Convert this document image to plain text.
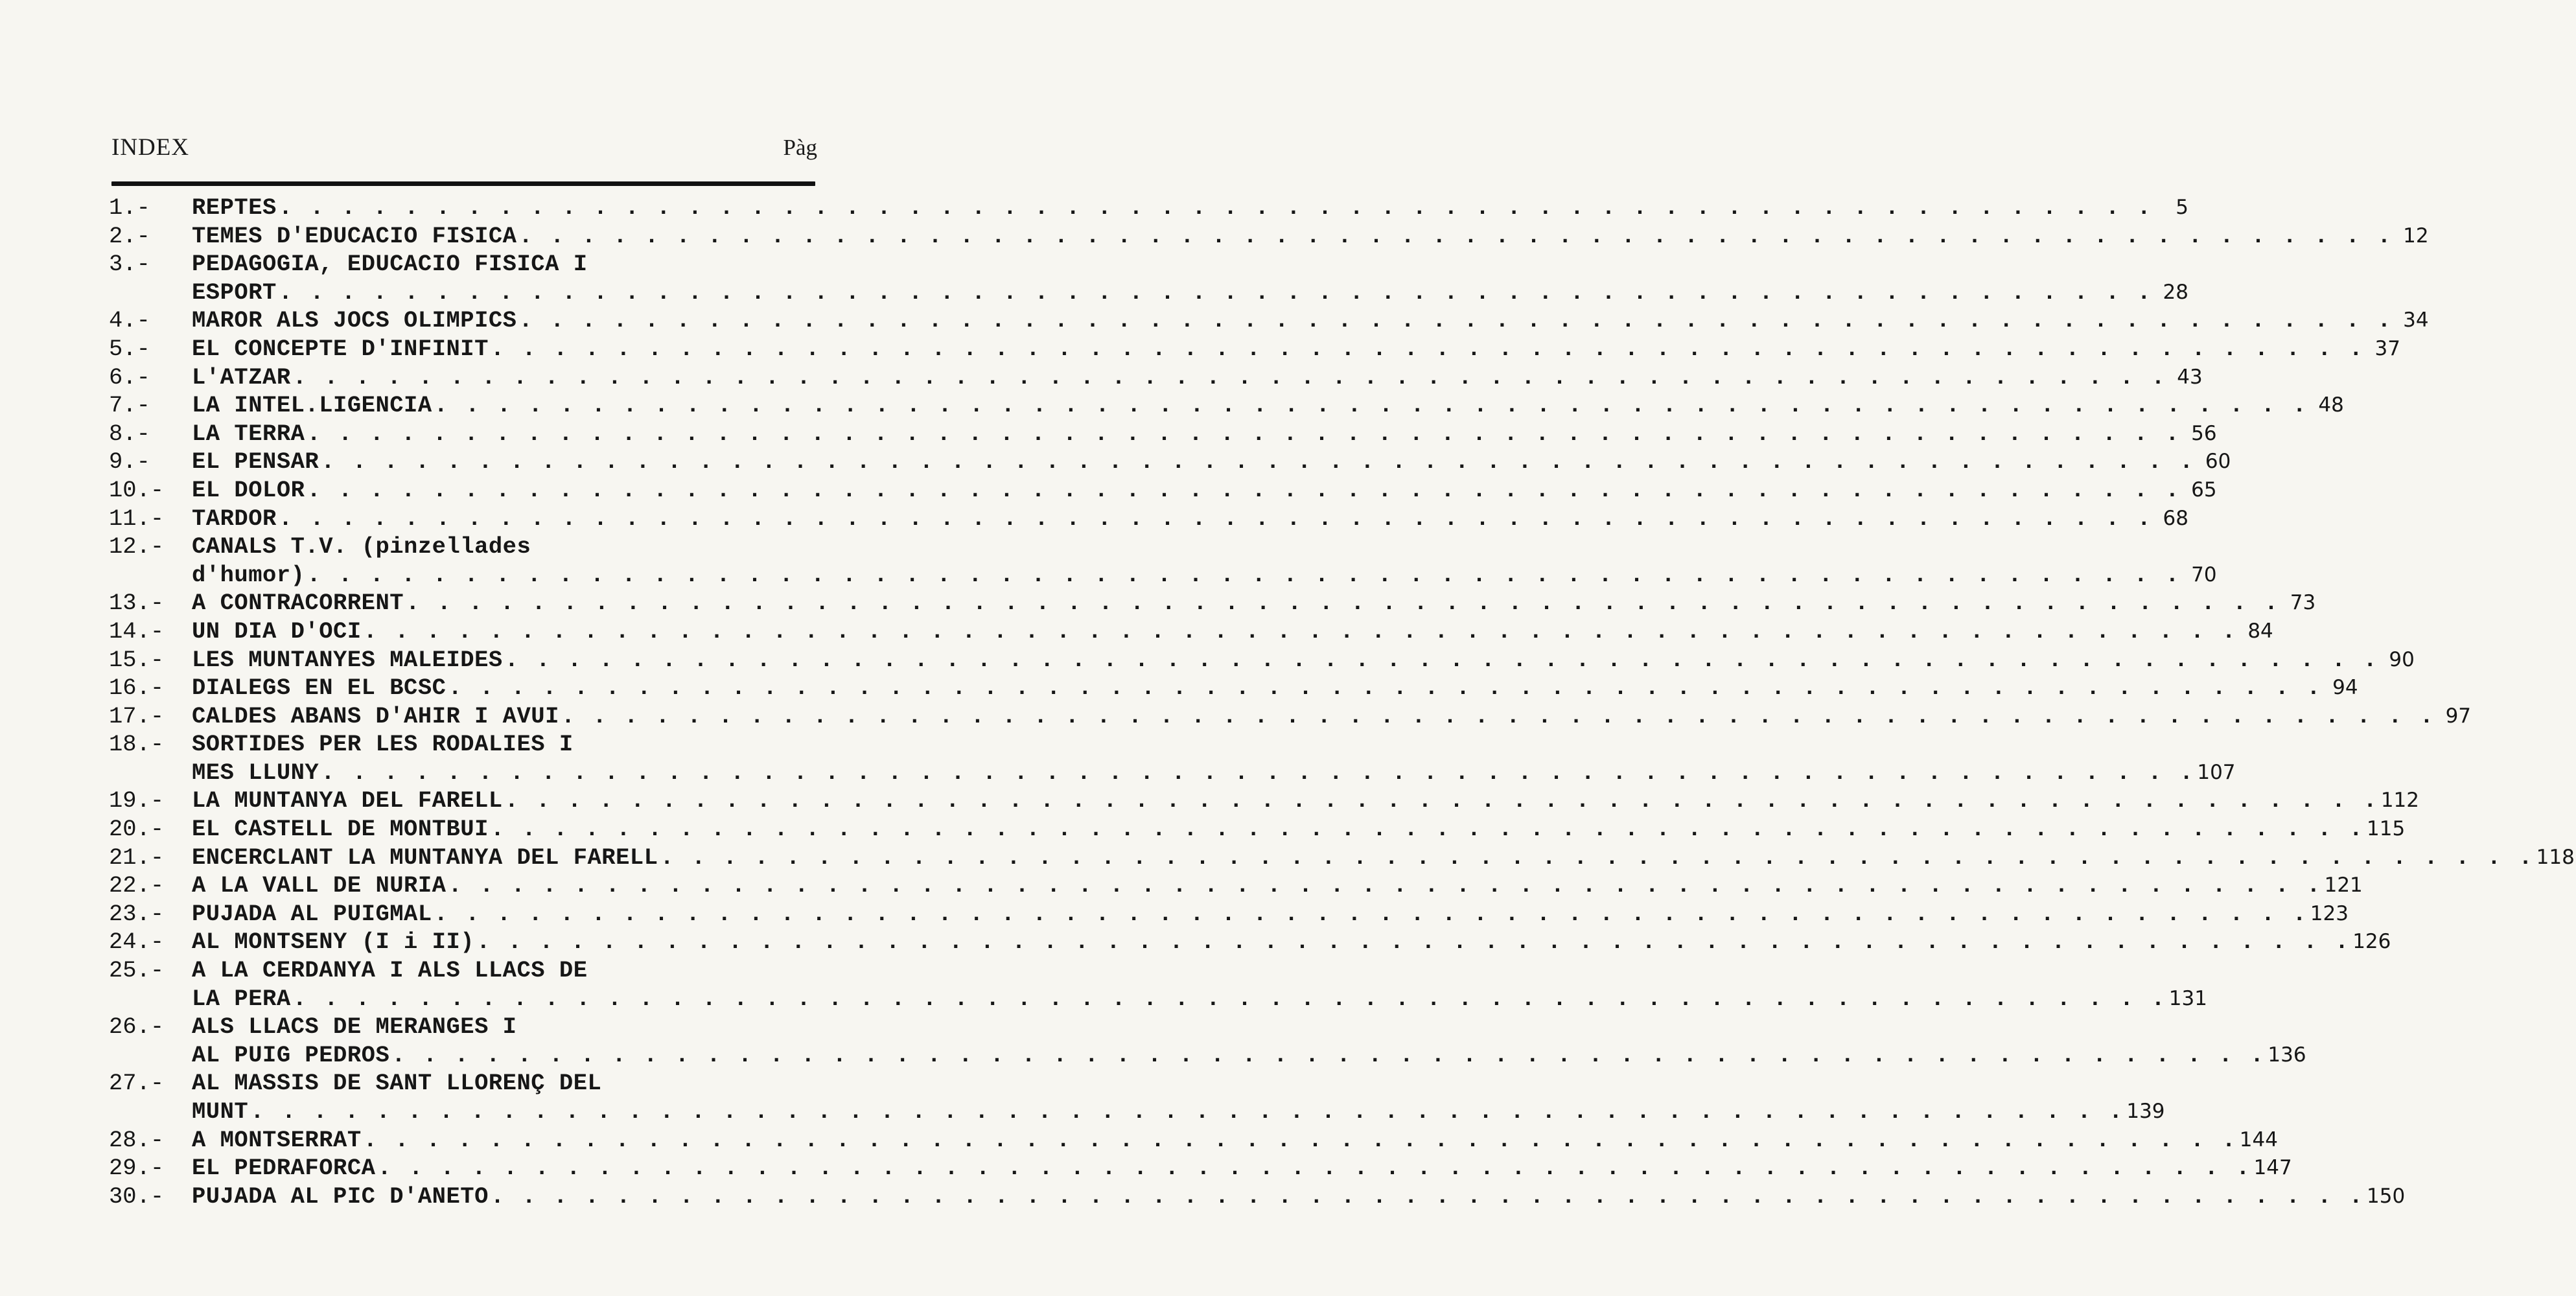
INDEX	Pàg
1.-	REPTES . . . . . . . . . . . . . . . . . . . . . . . . . . . . . . . . . . . . . . . . . . . . . . . . . . . . . . . . . . . .	5
2.-	TEMES D'EDUCACIO FISICA . . . . . . . . . . . . . . . . . . . . . . . . . . . . . . . . . . . . . . . . . . . . . . . . . . . . . . . . . . . . 12
3.-	PEDAGOGIA, EDUCACIO FISICA I
ESPORT . . . . . . . . . . . . . . . . . . . . . . . . . . . . . . . . . . . . . . . . . . . . . . . . . . . . . . . . . . . . 28
4.-	MAROR ALS JOCS OLIMPICS . . . . . . . . . . . . . . . . . . . . . . . . . . . . . . . . . . . . . . . . . . . . . . . . . . . . . . . . . . . . 34
5.-	EL CONCEPTE D'INFINIT . . . . . . . . . . . . . . . . . . . . . . . . . . . . . . . . . . . . . . . . . . . . . . . . . . . . . . . . . . . . 37
6.-	L'ATZAR . . . . . . . . . . . . . . . . . . . . . . . . . . . . . . . . . . . . . . . . . . . . . . . . . . . . . . . . . . . . 43
7.-	LA INTEL.LIGENCIA . . . . . . . . . . . . . . . . . . . . . . . . . . . . . . . . . . . . . . . . . . . . . . . . . . . . . . . . . . . . 48
8.-	LA TERRA . . . . . . . . . . . . . . . . . . . . . . . . . . . . . . . . . . . . . . . . . . . . . . . . . . . . . . . . . . . . 56
9.-	EL PENSAR . . . . . . . . . . . . . . . . . . . . . . . . . . . . . . . . . . . . . . . . . . . . . . . . . . . . . . . . . . . . 60
10.-	EL DOLOR . . . . . . . . . . . . . . . . . . . . . . . . . . . . . . . . . . . . . . . . . . . . . . . . . . . . . . . . . . . . 65
11.-	TARDOR . . . . . . . . . . . . . . . . . . . . . . . . . . . . . . . . . . . . . . . . . . . . . . . . . . . . . . . . . . . . 68
12.-	CANALS T.V. (pinzellades
d'humor) . . . . . . . . . . . . . . . . . . . . . . . . . . . . . . . . . . . . . . . . . . . . . . . . . . . . . . . . . . . . 70
13.-	A CONTRACORRENT . . . . . . . . . . . . . . . . . . . . . . . . . . . . . . . . . . . . . . . . . . . . . . . . . . . . . . . . . . . . 73
14.-	UN DIA D'OCI . . . . . . . . . . . . . . . . . . . . . . . . . . . . . . . . . . . . . . . . . . . . . . . . . . . . . . . . . . . . 84
15.-	LES MUNTANYES MALEIDES . . . . . . . . . . . . . . . . . . . . . . . . . . . . . . . . . . . . . . . . . . . . . . . . . . . . . . . . . . . . 90
16.-	DIALEGS EN EL BCSC . . . . . . . . . . . . . . . . . . . . . . . . . . . . . . . . . . . . . . . . . . . . . . . . . . . . . . . . . . . . 94
17.-	CALDES ABANS D'AHIR I AVUI . . . . . . . . . . . . . . . . . . . . . . . . . . . . . . . . . . . . . . . . . . . . . . . . . . . . . . . . . . . . 97
18.-	SORTIDES PER LES RODALIES I
MES LLUNY . . . . . . . . . . . . . . . . . . . . . . . . . . . . . . . . . . . . . . . . . . . . . . . . . . . . . . . . . . . . 107
19.-	LA MUNTANYA DEL FARELL . . . . . . . . . . . . . . . . . . . . . . . . . . . . . . . . . . . . . . . . . . . . . . . . . . . . . . . . . . . . 112
20.-	EL CASTELL DE MONTBUI . . . . . . . . . . . . . . . . . . . . . . . . . . . . . . . . . . . . . . . . . . . . . . . . . . . . . . . . . . . . 115
21.-	ENCERCLANT LA MUNTANYA DEL FARELL . . . . . . . . . . . . . . . . . . . . . . . . . . . . . . . . . . . . . . . . . . . . . . . . . . . . . . . . . . . . 118
22.-	A LA VALL DE NURIA . . . . . . . . . . . . . . . . . . . . . . . . . . . . . . . . . . . . . . . . . . . . . . . . . . . . . . . . . . . . 121
23.-	PUJADA AL PUIGMAL . . . . . . . . . . . . . . . . . . . . . . . . . . . . . . . . . . . . . . . . . . . . . . . . . . . . . . . . . . . . 123
24.-	AL MONTSENY (I i II) . . . . . . . . . . . . . . . . . . . . . . . . . . . . . . . . . . . . . . . . . . . . . . . . . . . . . . . . . . . . 126
25.-	A LA CERDANYA I ALS LLACS DE
LA PERA . . . . . . . . . . . . . . . . . . . . . . . . . . . . . . . . . . . . . . . . . . . . . . . . . . . . . . . . . . . . 131
26.-	ALS LLACS DE MERANGES I
AL PUIG PEDROS . . . . . . . . . . . . . . . . . . . . . . . . . . . . . . . . . . . . . . . . . . . . . . . . . . . . . . . . . . . . 136
27.-	AL MASSIS DE SANT LLORENÇ DEL
MUNT . . . . . . . . . . . . . . . . . . . . . . . . . . . . . . . . . . . . . . . . . . . . . . . . . . . . . . . . . . . . 139
28.-	A MONTSERRAT . . . . . . . . . . . . . . . . . . . . . . . . . . . . . . . . . . . . . . . . . . . . . . . . . . . . . . . . . . . . 144
29.-	EL PEDRAFORCA . . . . . . . . . . . . . . . . . . . . . . . . . . . . . . . . . . . . . . . . . . . . . . . . . . . . . . . . . . . . 147
30.-	PUJADA AL PIC D'ANETO . . . . . . . . . . . . . . . . . . . . . . . . . . . . . . . . . . . . . . . . . . . . . . . . . . . . . . . . . . . . 150
